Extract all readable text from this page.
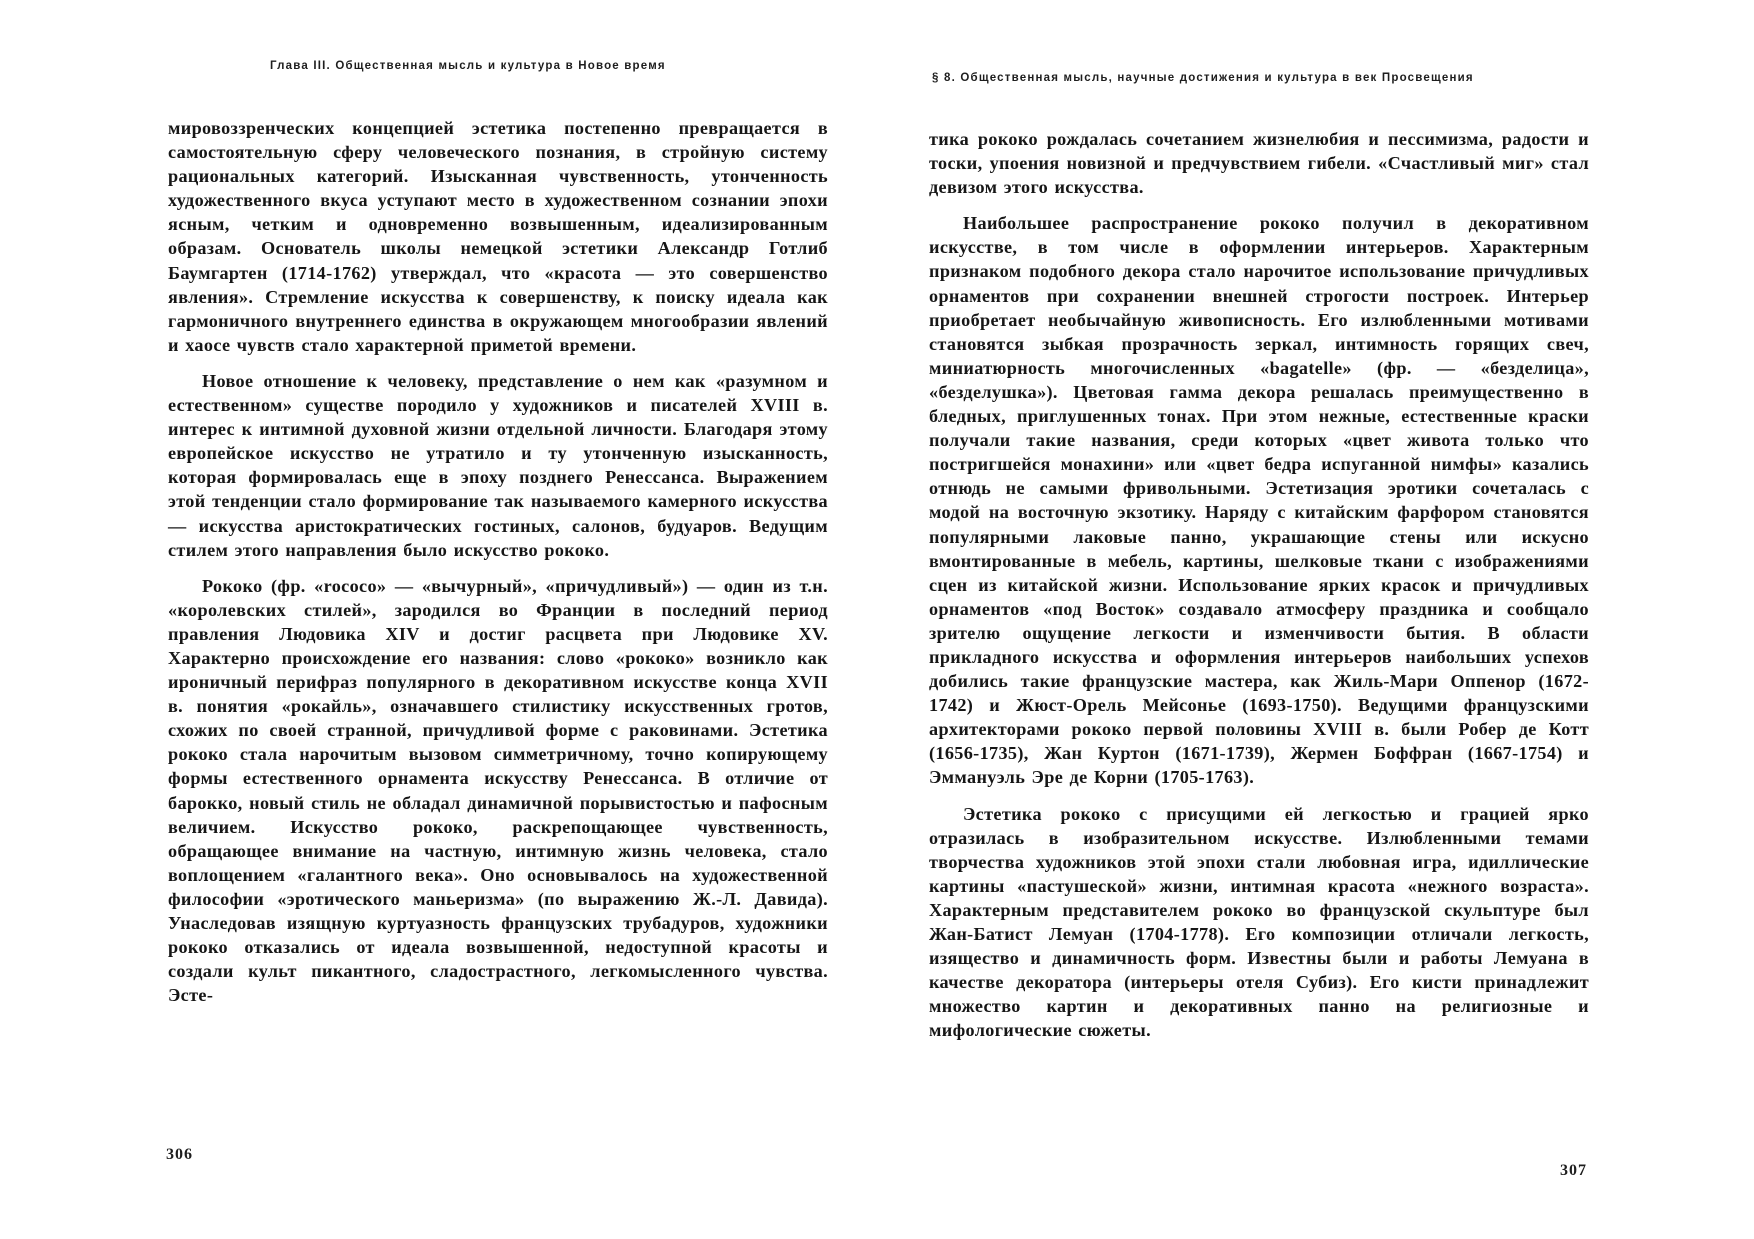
Глава III. Общественная мысль и культура в Новое время

мировоззренческих концепцией эстетика постепенно превращается в самостоятельную сферу человеческого познания, в стройную систему рациональных категорий. Изысканная чувственность, утонченность художественного вкуса уступают место в художественном сознании эпохи ясным, четким и одновременно возвышенным, идеализированным образам. Основатель школы немецкой эстетики Александр Готлиб Баумгартен (1714-1762) утверждал, что «красота — это совершенство явления». Стремление искусства к совершенству, к поиску идеала как гармоничного внутреннего единства в окружающем многообразии явлений и хаосе чувств стало характерной приметой времени.

Новое отношение к человеку, представление о нем как «разумном и естественном» существе породило у художников и писателей XVIII в. интерес к интимной духовной жизни отдельной личности. Благодаря этому европейское искусство не утратило и ту утонченную изысканность, которая формировалась еще в эпоху позднего Ренессанса. Выражением этой тенденции стало формирование так называемого камерного искусства — искусства аристократических гостиных, салонов, будуаров. Ведущим стилем этого направления было искусство рококо.

Рококо (фр. «rococo» — «вычурный», «причудливый») — один из т.н. «королевских стилей», зародился во Франции в последний период правления Людовика XIV и достиг расцвета при Людовике XV. Характерно происхождение его названия: слово «рококо» возникло как ироничный перифраз популярного в декоративном искусстве конца XVII в. понятия «рокайль», означавшего стилистику искусственных гротов, схожих по своей странной, причудливой форме с раковинами. Эстетика рококо стала нарочитым вызовом симметричному, точно копирующему формы естественного орнамента искусству Ренессанса. В отличие от барокко, новый стиль не обладал динамичной порывистостью и пафосным величием. Искусство рококо, раскрепощающее чувственность, обращающее внимание на частную, интимную жизнь человека, стало воплощением «галантного века». Оно основывалось на художественной философии «эротического маньеризма» (по выражению Ж.-Л. Давида). Унаследовав изящную куртуазность французских трубадуров, художники рококо отказались от идеала возвышенной, недоступной красоты и создали культ пикантного, сладострастного, легкомысленного чувства. Эсте-

306
§ 8. Общественная мысль, научные достижения и культура в век Просвещения

тика рококо рождалась сочетанием жизнелюбия и пессимизма, радости и тоски, упоения новизной и предчувствием гибели. «Счастливый миг» стал девизом этого искусства.

Наибольшее распространение рококо получил в декоративном искусстве, в том числе в оформлении интерьеров. Характерным признаком подобного декора стало нарочитое использование причудливых орнаментов при сохранении внешней строгости построек. Интерьер приобретает необычайную живописность. Его излюбленными мотивами становятся зыбкая прозрачность зеркал, интимность горящих свеч, миниатюрность многочисленных «bagatelle» (фр. — «безделица», «безделушка»). Цветовая гамма декора решалась преимущественно в бледных, приглушенных тонах. При этом нежные, естественные краски получали такие названия, среди которых «цвет живота только что постригшейся монахини» или «цвет бедра испуганной нимфы» казались отнюдь не самыми фривольными. Эстетизация эротики сочеталась с модой на восточную экзотику. Наряду с китайским фарфором становятся популярными лаковые панно, украшающие стены или искусно вмонтированные в мебель, картины, шелковые ткани с изображениями сцен из китайской жизни. Использование ярких красок и причудливых орнаментов «под Восток» создавало атмосферу праздника и сообщало зрителю ощущение легкости и изменчивости бытия. В области прикладного искусства и оформления интерьеров наибольших успехов добились такие французские мастера, как Жиль-Мари Оппенор (1672-1742) и Жюст-Орель Мейсонье (1693-1750). Ведущими французскими архитекторами рококо первой половины XVIII в. были Робер де Котт (1656-1735), Жан Куртон (1671-1739), Жермен Боффран (1667-1754) и Эммануэль Эре де Корни (1705-1763).

Эстетика рококо с присущими ей легкостью и грацией ярко отразилась в изобразительном искусстве. Излюбленными темами творчества художников этой эпохи стали любовная игра, идиллические картины «пастушеской» жизни, интимная красота «нежного возраста». Характерным представителем рококо во французской скульптуре был Жан-Батист Лемуан (1704-1778). Его композиции отличали легкость, изящество и динамичность форм. Известны были и работы Лемуана в качестве декоратора (интерьеры отеля Субиз). Его кисти принадлежит множество картин и декоративных панно на религиозные и мифологические сюжеты.

307
